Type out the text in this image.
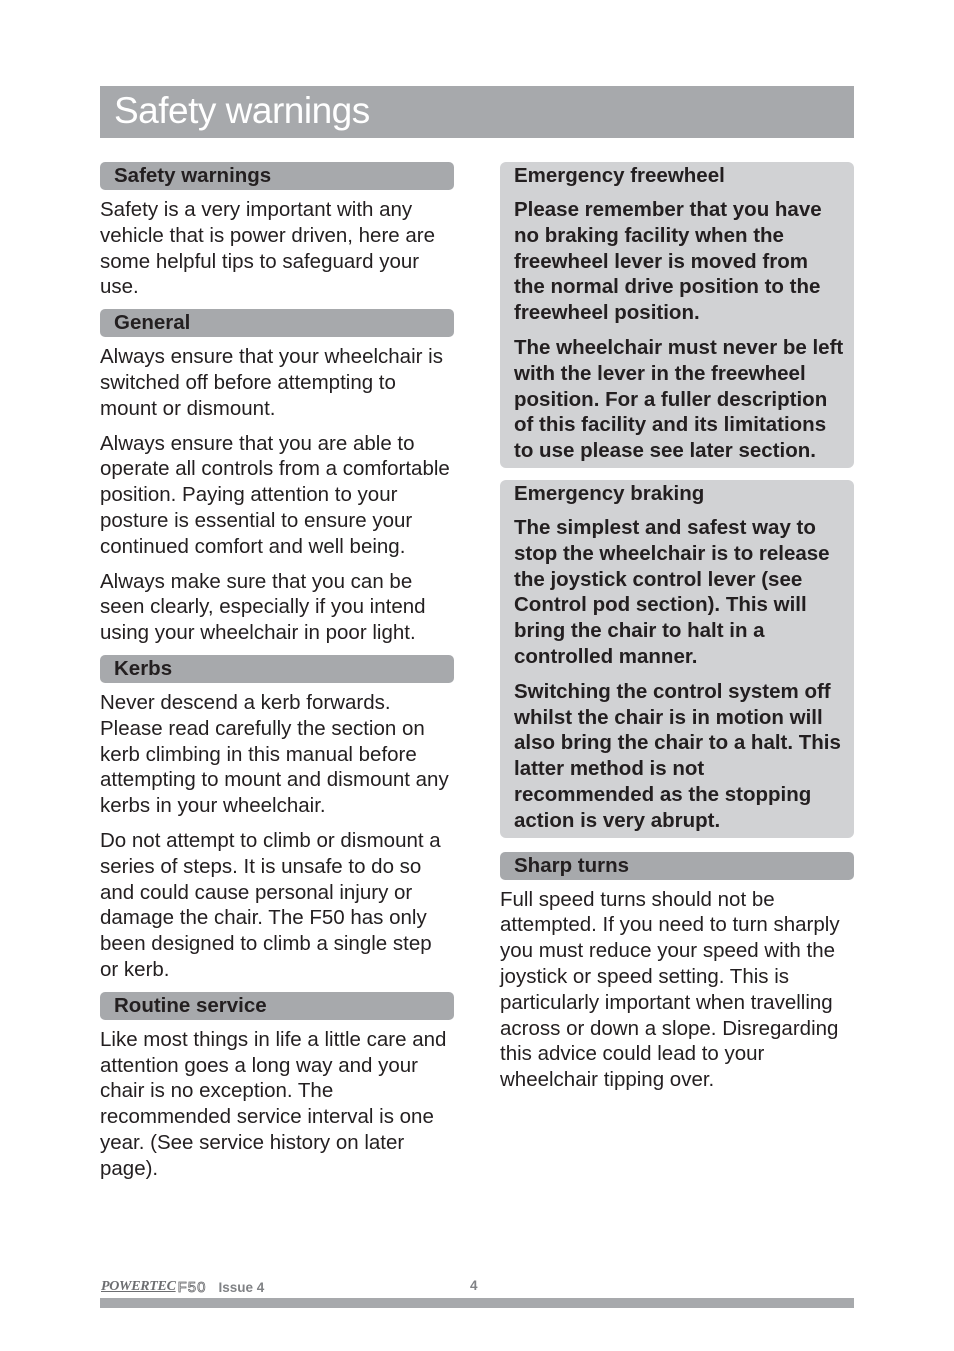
Safety warnings
Safety warnings

Safety is a very important with any vehicle that is power driven, here are some helpful tips to safeguard your use.

General

Always ensure that your wheelchair is switched off before attempting to mount or dismount.

Always ensure that you are able to operate all controls from a comfortable position. Paying attention to your posture is essential to ensure your continued comfort and well being.

Always make sure that you can be seen clearly, especially if you intend using your wheelchair in poor light.

Kerbs

Never descend a kerb forwards. Please read carefully the section on kerb climbing in this manual before attempting to mount and dismount any kerbs in your wheelchair.

Do not attempt to climb or dismount a series of steps. It is unsafe to do so and could cause personal injury or damage the chair. The F50 has only been designed to climb a single step or kerb.

Routine service

Like most things in life a little care and attention goes a long way and your chair is no exception. The recommended service interval is one year. (See service history on later page).

Emergency freewheel

Please remember that you have no braking facility when the freewheel lever is moved from the normal drive position to the freewheel position.

The wheelchair must never be left with the lever in the freewheel position. For a fuller description of this facility and its limitations to use please see later section.

Emergency braking

The simplest and safest way to stop the wheelchair is to release the joystick control lever (see Control pod section). This will bring the chair to halt in a controlled manner.

Switching the control system off whilst the chair is in motion will also bring the chair to a halt. This latter method is not recommended as the stopping action is very abrupt.

Sharp turns

Full speed turns should not be attempted. If you need to turn sharply you must reduce your speed with the joystick or speed setting. This is particularly important when travelling across or down a slope. Disregarding this advice could lead to your wheelchair tipping over.

POWERTEC F50 Issue 4	4
